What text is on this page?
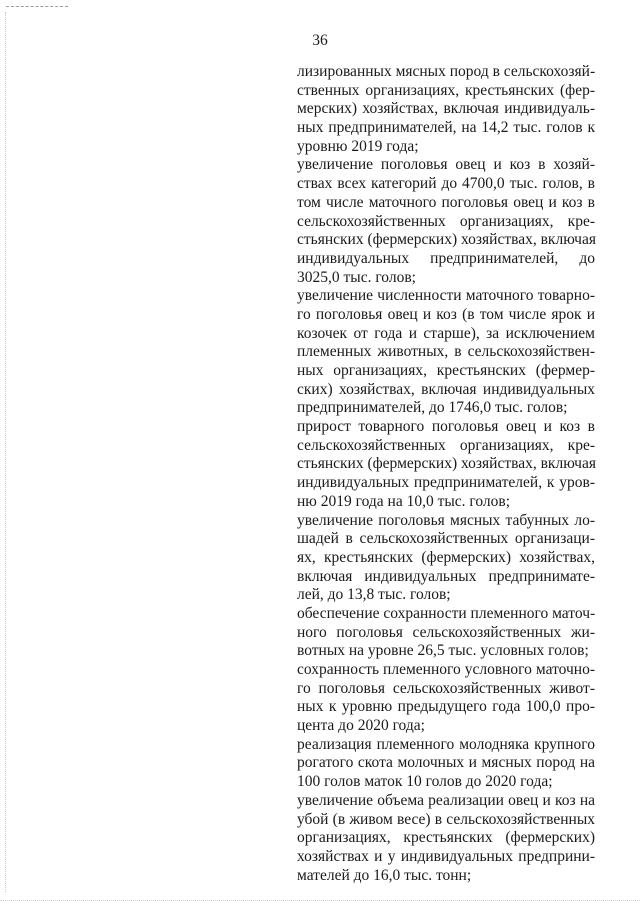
36
лизированных мясных пород в сельскохозяй-
ственных организациях, крестьянских (фер-
мерских) хозяйствах, включая индивидуаль-
ных предпринимателей, на 14,2 тыс. голов к
уровню 2019 года;
увеличение поголовья овец и коз в хозяй-
ствах всех категорий до 4700,0 тыс. голов, в
том числе маточного поголовья овец и коз в
сельскохозяйственных организациях, кре-
стьянских (фермерских) хозяйствах, включая
индивидуальных предпринимателей, до
3025,0 тыс. голов;
увеличение численности маточного товарно-
го поголовья овец и коз (в том числе ярок и
козочек от года и старше), за исключением
племенных животных, в сельскохозяйствен-
ных организациях, крестьянских (фермер-
ских) хозяйствах, включая индивидуальных
предпринимателей, до 1746,0 тыс. голов;
прирост товарного поголовья овец и коз в
сельскохозяйственных организациях, кре-
стьянских (фермерских) хозяйствах, включая
индивидуальных предпринимателей, к уров-
ню 2019 года на 10,0 тыс. голов;
увеличение поголовья мясных табунных ло-
шадей в сельскохозяйственных организаци-
ях, крестьянских (фермерских) хозяйствах,
включая индивидуальных предпринимате-
лей, до 13,8 тыс. голов;
обеспечение сохранности племенного маточ-
ного поголовья сельскохозяйственных жи-
вотных на уровне 26,5 тыс. условных голов;
сохранность племенного условного маточно-
го поголовья сельскохозяйственных живот-
ных к уровню предыдущего года 100,0 про-
цента до 2020 года;
реализация племенного молодняка крупного
рогатого скота молочных и мясных пород на
100 голов маток 10 голов до 2020 года;
увеличение объема реализации овец и коз на
убой (в живом весе) в сельскохозяйственных
организациях, крестьянских (фермерских)
хозяйствах и у индивидуальных предприни-
мателей до 16,0 тыс. тонн;
